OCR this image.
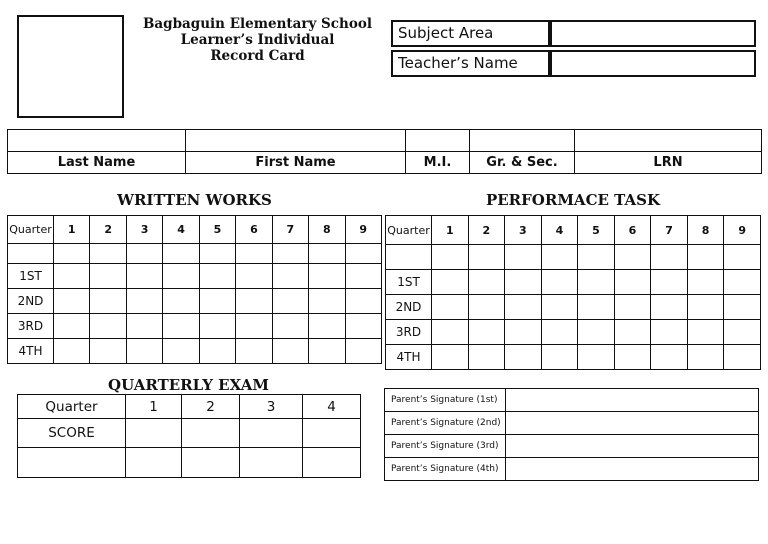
Bagbaguin Elementary School
Learner’s Individual
Record Card
Subject Area
Teacher’s Name

Last Name	First Name	M.I.	Gr. & Sec.	LRN
WRITTEN WORKS	PERFORMACE TASK
Quarter	1	2	3	4	5	6	7	8	9

1ST									
2ND									
3RD									
4TH									
Quarter	1	2	3	4	5	6	7	8	9

1ST									
2ND									
3RD									
4TH									
QUARTERLY EXAM
Quarter	1	2	3	4
SCORE				

Parent’s Signature (1st)	
Parent’s Signature (2nd)	
Parent’s Signature (3rd)	
Parent’s Signature (4th)	
